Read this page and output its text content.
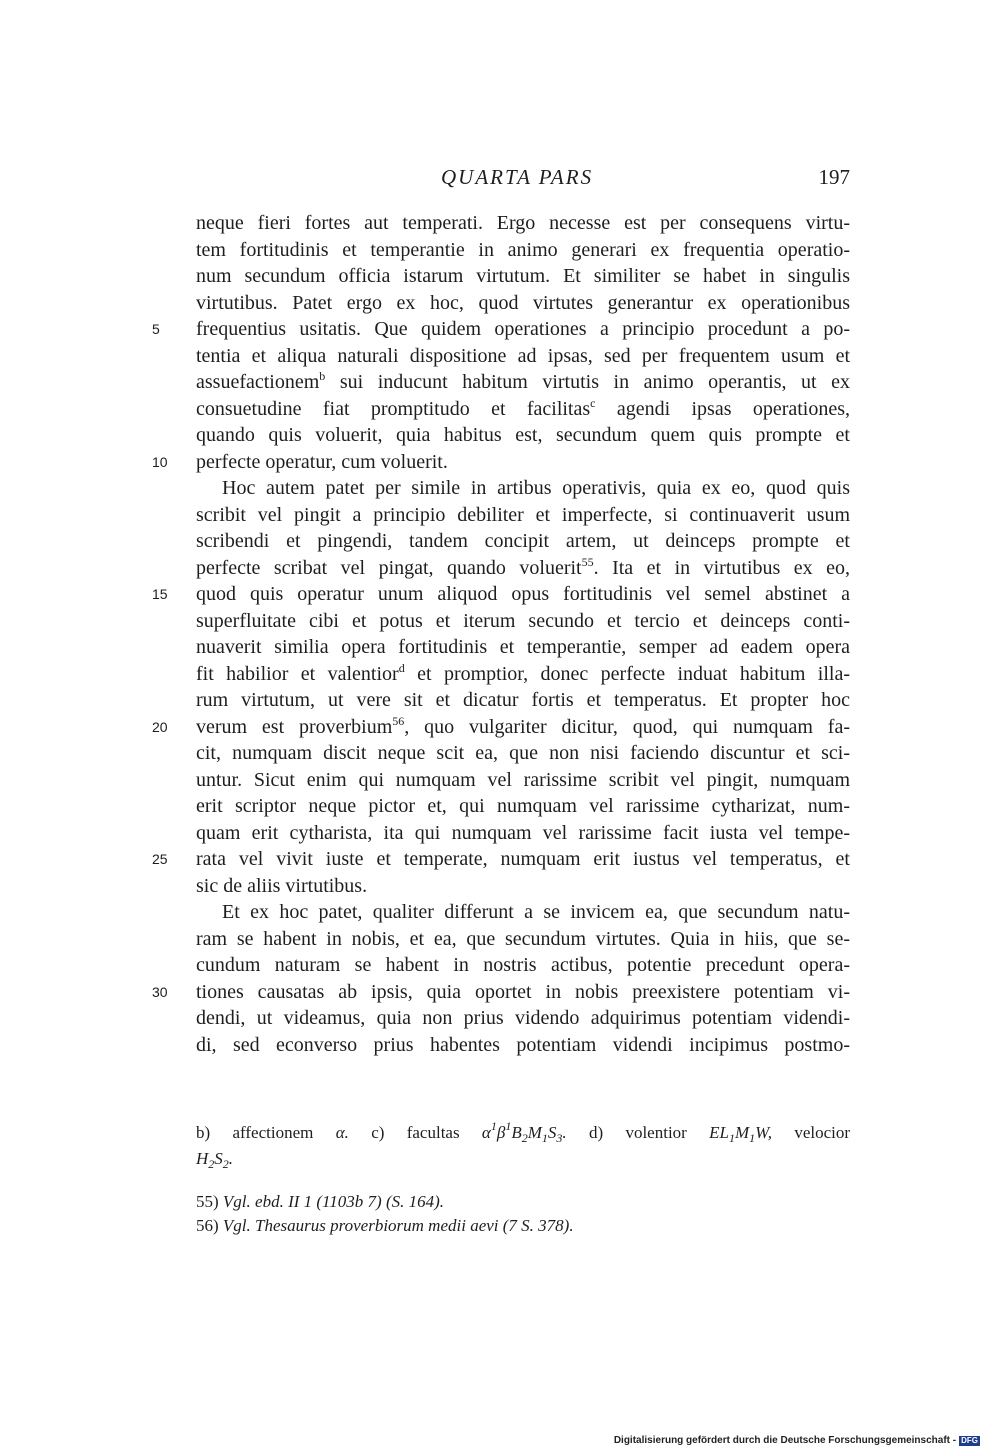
QUARTA PARS	197
neque fieri fortes aut temperati. Ergo necesse est per consequens virtu-
tem fortitudinis et temperantie in animo generari ex frequentia operatio-
num secundum officia istarum virtutum. Et similiter se habet in singulis
virtutibus. Patet ergo ex hoc, quod virtutes generantur ex operationibus
5	frequentius usitatis. Que quidem operationes a principio procedunt a po-
tentia et aliqua naturali dispositione ad ipsas, sed per frequentem usum et
assuefactionem$^b$ sui inducunt habitum virtutis in animo operantis, ut ex
consuetudine fiat promptitudo et facilitas$^c$ agendi ipsas operationes,
quando quis voluerit, quia habitus est, secundum quem quis prompte et
10 perfecte operatur, cum voluerit.
Hoc autem patet per simile in artibus operativis, quia ex eo, quod quis
scribit vel pingit a principio debiliter et imperfecte, si continuaverit usum
scribendi et pingendi, tandem concipit artem, ut deinceps prompte et
perfecte scribat vel pingat, quando voluerit$^{55}$. Ita et in virtutibus ex eo,
15 quod quis operatur unum aliquod opus fortitudinis vel semel abstinet a
superfluitate cibi et potus et iterum secundo et tercio et deinceps conti-
nuaverit similia opera fortitudinis et temperantie, semper ad eadem opera
fit habilior et valentior$^d$ et promptior, donec perfecte induat habitum illa-
rum virtutum, ut vere sit et dicatur fortis et temperatus. Et propter hoc
20 verum est proverbium$^{56}$, quo vulgariter dicitur, quod, qui numquam fa-
cit, numquam discit neque scit ea, que non nisi faciendo discuntur et sci-
untur. Sicut enim qui numquam vel rarissime scribit vel pingit, numquam
erit scriptor neque pictor et, qui numquam vel rarissime cytharizat, num-
quam erit cytharista, ita qui numquam vel rarissime facit iusta vel tempe-
25 rata vel vivit iuste et temperate, numquam erit iustus vel temperatus, et
sic de aliis virtutibus.
Et ex hoc patet, qualiter differunt a se invicem ea, que secundum natu-
ram se habent in nobis, et ea, que secundum virtutes. Quia in hiis, que se-
cundum naturam se habent in nostris actibus, potentie precedunt opera-
30 tiones causatas ab ipsis, quia oportet in nobis preexistere potentiam vi-
dendi, ut videamus, quia non prius videndo adquirimus potentiam videndi-
di, sed econverso prius habentes potentiam videndi incipimus postmo-
b) affectionem α. c) facultas $\alpha^1\beta^1B_2M_1S_3$. d) volentior $EL_1M_1W$, velocior
$H_2S_2$.
55) Vgl. ebd. II 1 (1103b 7) (S. 164).
56) Vgl. Thesaurus proverbiorum medii aevi (7 S. 378).
Digitalisierung gefördert durch die Deutsche Forschungsgemeinschaft - DFG
